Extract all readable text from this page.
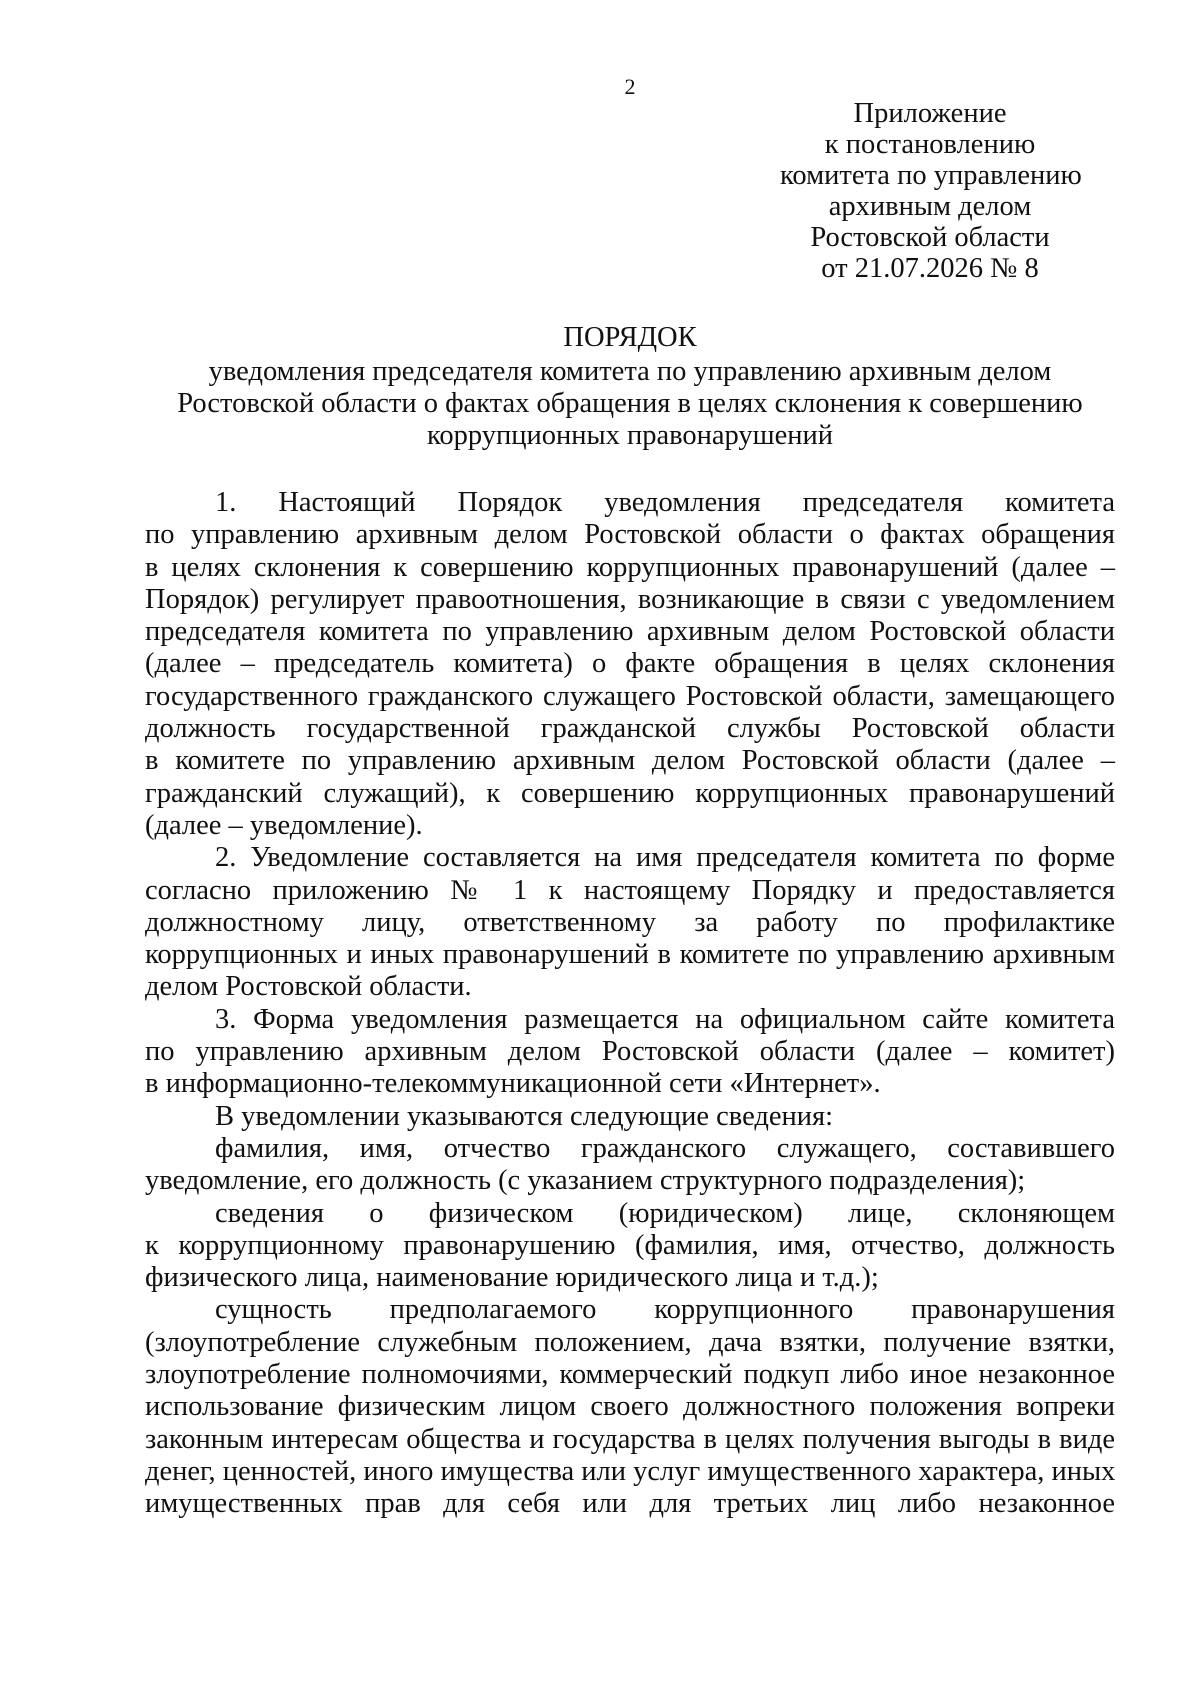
2
Приложение
к постановлению
комитета по управлению
архивным делом
Ростовской области
от 21.07.2026 № 8
ПОРЯДОК
уведомления председателя комитета по управлению архивным делом
Ростовской области о фактах обращения в целях склонения к совершению
коррупционных правонарушений
1. Настоящий Порядок уведомления председателя комитета
по управлению архивным делом Ростовской области о фактах обращения
в целях склонения к совершению коррупционных правонарушений (далее –
Порядок) регулирует правоотношения, возникающие в связи с уведомлением
председателя комитета по управлению архивным делом Ростовской области
(далее – председатель комитета) о факте обращения в целях склонения
государственного гражданского служащего Ростовской области, замещающего
должность государственной гражданской службы Ростовской области
в комитете по управлению архивным делом Ростовской области (далее –
гражданский служащий), к совершению коррупционных правонарушений
(далее – уведомление).
2. Уведомление составляется на имя председателя комитета по форме
согласно приложению № 1 к настоящему Порядку и предоставляется
должностному лицу, ответственному за работу по профилактике
коррупционных и иных правонарушений в комитете по управлению архивным
делом Ростовской области.
3. Форма уведомления размещается на официальном сайте комитета
по управлению архивным делом Ростовской области (далее – комитет)
в информационно-телекоммуникационной сети «Интернет».
В уведомлении указываются следующие сведения:
фамилия, имя, отчество гражданского служащего, составившего
уведомление, его должность (с указанием структурного подразделения);
сведения о физическом (юридическом) лице, склоняющем
к коррупционному правонарушению (фамилия, имя, отчество, должность
физического лица, наименование юридического лица и т.д.);
сущность предполагаемого коррупционного правонарушения
(злоупотребление служебным положением, дача взятки, получение взятки,
злоупотребление полномочиями, коммерческий подкуп либо иное незаконное
использование физическим лицом своего должностного положения вопреки
законным интересам общества и государства в целях получения выгоды в виде
денег, ценностей, иного имущества или услуг имущественного характера, иных
имущественных прав для себя или для третьих лиц либо незаконное
